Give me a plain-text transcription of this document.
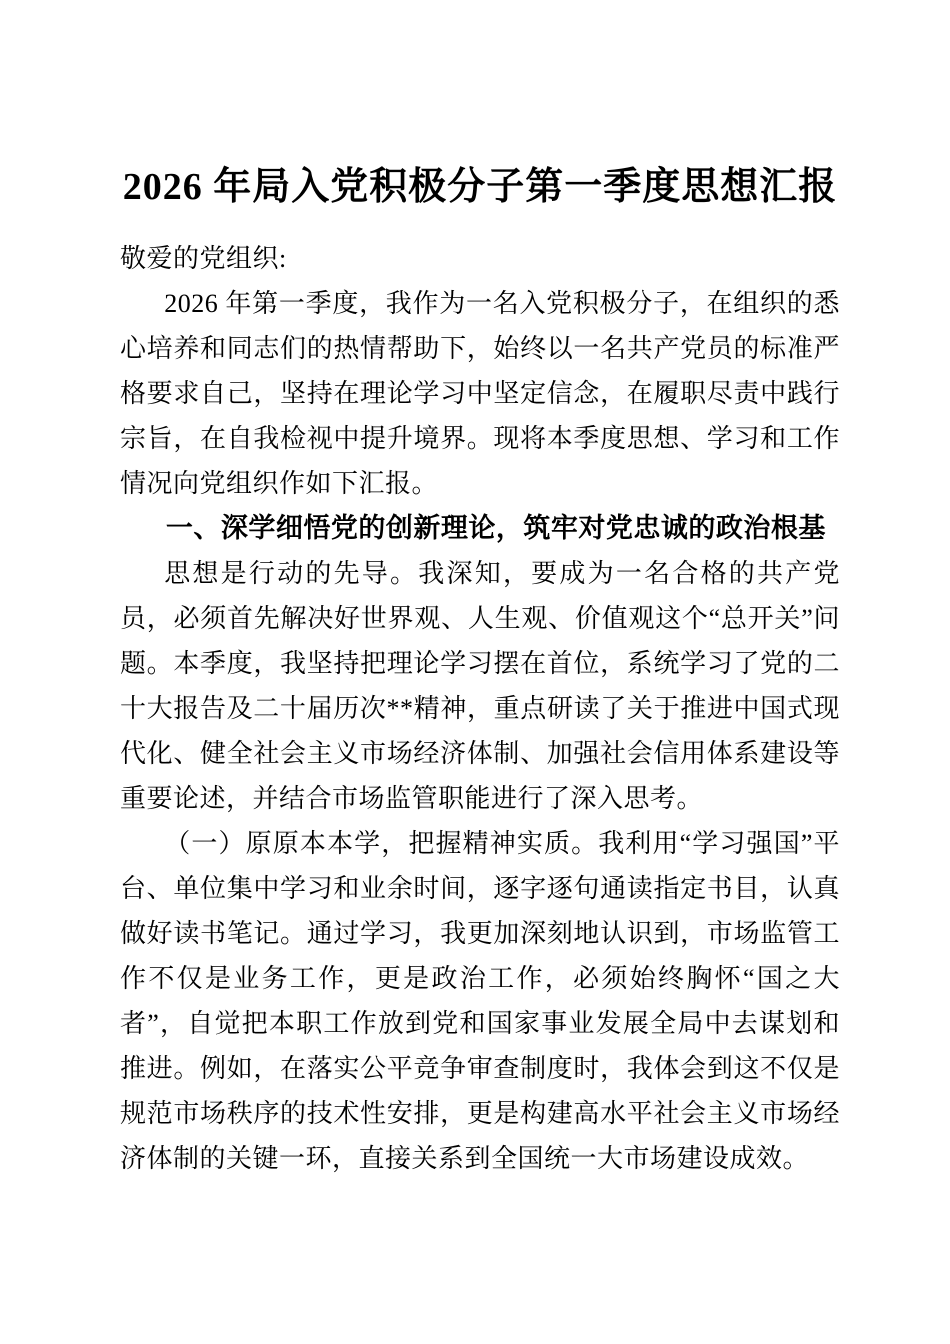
2026 年局入党积极分子第一季度思想汇报

敬爱的党组织:

2026 年第一季度，我作为一名入党积极分子，在组织的悉心培养和同志们的热情帮助下，始终以一名共产党员的标准严格要求自己，坚持在理论学习中坚定信念，在履职尽责中践行宗旨，在自我检视中提升境界。现将本季度思想、学习和工作情况向党组织作如下汇报。

一、深学细悟党的创新理论，筑牢对党忠诚的政治根基

思想是行动的先导。我深知，要成为一名合格的共产党员，必须首先解决好世界观、人生观、价值观这个“总开关”问题。本季度，我坚持把理论学习摆在首位，系统学习了党的二十大报告及二十届历次**精神，重点研读了关于推进中国式现代化、健全社会主义市场经济体制、加强社会信用体系建设等重要论述，并结合市场监管职能进行了深入思考。

（一）原原本本学，把握精神实质。我利用“学习强国”平台、单位集中学习和业余时间，逐字逐句通读指定书目，认真做好读书笔记。通过学习，我更加深刻地认识到，市场监管工作不仅是业务工作，更是政治工作，必须始终胸怀“国之大者”，自觉把本职工作放到党和国家事业发展全局中去谋划和推进。例如，在落实公平竞争审查制度时，我体会到这不仅是规范市场秩序的技术性安排，更是构建高水平社会主义市场经济体制的关键一环，直接关系到全国统一大市场建设成效。
